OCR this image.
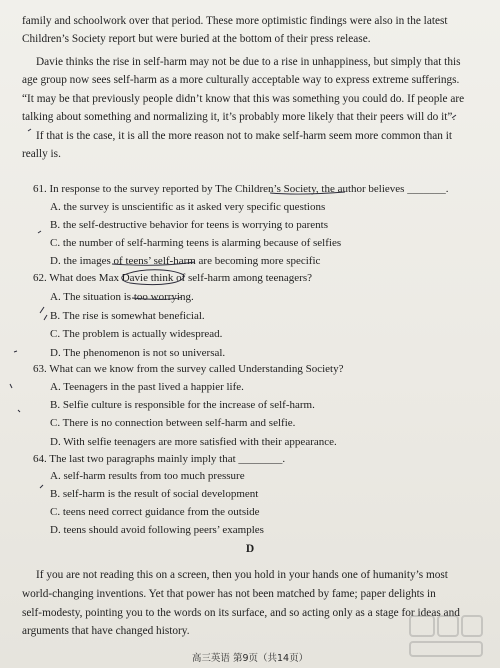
family and schoolwork over that period. These more optimistic findings were also in the latest

Children’s Society report but were buried at the bottom of their press release.

Davie thinks the rise in self-harm may not be due to a rise in unhappiness, but simply that this

age group now sees self-harm as a more culturally acceptable way to express extreme sufferings.

“It may be that previously people didn’t know that this was something you could do. If people are

talking about something and normalizing it, it’s probably more likely that their peers will do it”.

If that is the case, it is all the more reason not to make self-harm seem more common than it

really is.

61. In response to the survey reported by The Children’s Society, the author believes _______.

A. the survey is unscientific as it asked very specific questions

B. the self-destructive behavior for teens is worrying to parents

C. the number of self-harming teens is alarming because of selfies

D. the images of teens’ self-harm are becoming more specific

62. What does Max Davie think of self-harm among teenagers?

A. The situation is too worrying.

B. The rise is somewhat beneficial.

C. The problem is actually widespread.

D. The phenomenon is not so universal.

63. What can we know from the survey called Understanding Society?

A. Teenagers in the past lived a happier life.

B. Selfie culture is responsible for the increase of self-harm.

C. There is no connection between self-harm and selfie.

D. With selfie teenagers are more satisfied with their appearance.

64. The last two paragraphs mainly imply that ________.

A. self-harm results from too much pressure

B. self-harm is the result of social development

C. teens need correct guidance from the outside

D. teens should avoid following peers’ examples

D

If you are not reading this on a screen, then you hold in your hands one of humanity’s most

world-changing inventions. Yet that power has not been matched by fame; paper delights in

self-modesty, pointing you to the words on its surface, and so acting only as a stage for ideas and

arguments that have changed history.

高三英语 第9页（共14页）
